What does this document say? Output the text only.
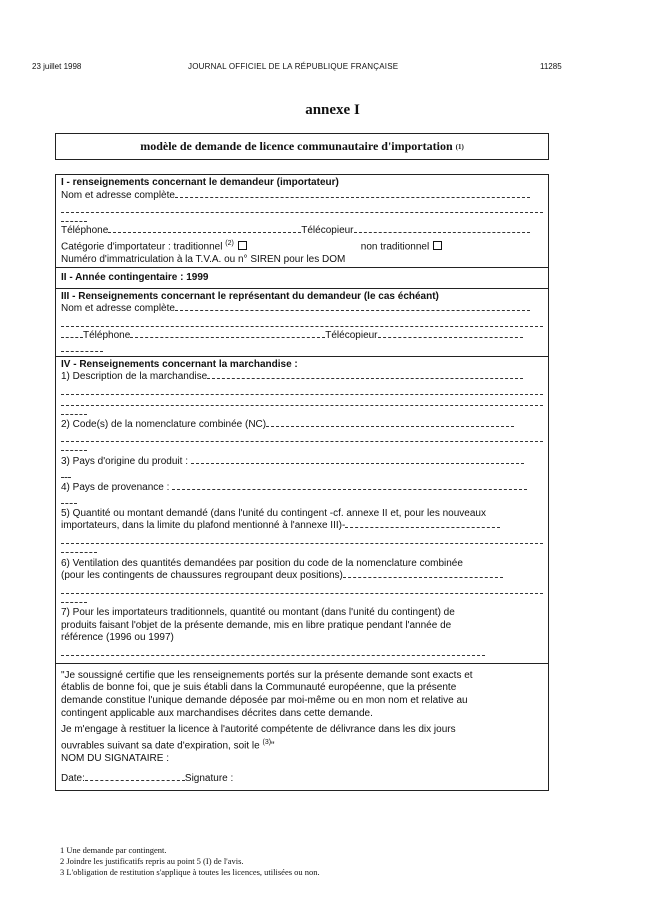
23 juillet 1998	JOURNAL OFFICIEL DE LA RÉPUBLIQUE FRANÇAISE	11285
annexe I
modèle de demande de licence communautaire d'importation
(1)
I - renseignements concernant le demandeur (importateur)
Nom et adresse complète
Téléphone	Télécopieur
Catégorie d'importateur : traditionnel $^{(2)}$	non traditionnel
Numéro d'immatriculation à la T.V.A. ou n° SIREN pour les DOM
II - Année contingentaire : 1999
III - Renseignements concernant le représentant du demandeur (le cas échéant)
Nom et adresse complète
Téléphone	Télécopieur
IV - Renseignements concernant la marchandise :
1) Description de la marchandise
2) Code(s) de la nomenclature combinée (NC)
3) Pays d'origine du produit :
4) Pays de provenance :
5) Quantité ou montant demandé (dans l'unité du contingent -cf. annexe II et, pour les nouveaux
importateurs, dans la limite du plafond mentionné à l'annexe III)-
6) Ventilation des quantités demandées par position du code de la nomenclature combinée
(pour les contingents de chaussures regroupant deux positions)
7) Pour les importateurs traditionnels, quantité ou montant (dans l'unité du contingent) de
produits faisant l'objet de la présente demande, mis en libre pratique pendant l'année de
référence (1996 ou 1997)
"Je soussigné certifie que les renseignements portés sur la présente demande sont exacts et
établis de bonne foi, que je suis établi dans la Communauté européenne, que la présente
demande constitue l'unique demande déposée par moi-même ou en mon nom et relative au
contingent applicable aux marchandises décrites dans cette demande.
Je m'engage à restituer la licence à l'autorité compétente de délivrance dans les dix jours
ouvrables suivant sa date d'expiration, soit le $^{(3)}$"
NOM DU SIGNATAIRE :
Date:	Signature :
1 Une demande par contingent.
2 Joindre les justificatifs repris au point 5 (I) de l'avis.
3 L'obligation de restitution s'applique à toutes les licences, utilisées ou non.
